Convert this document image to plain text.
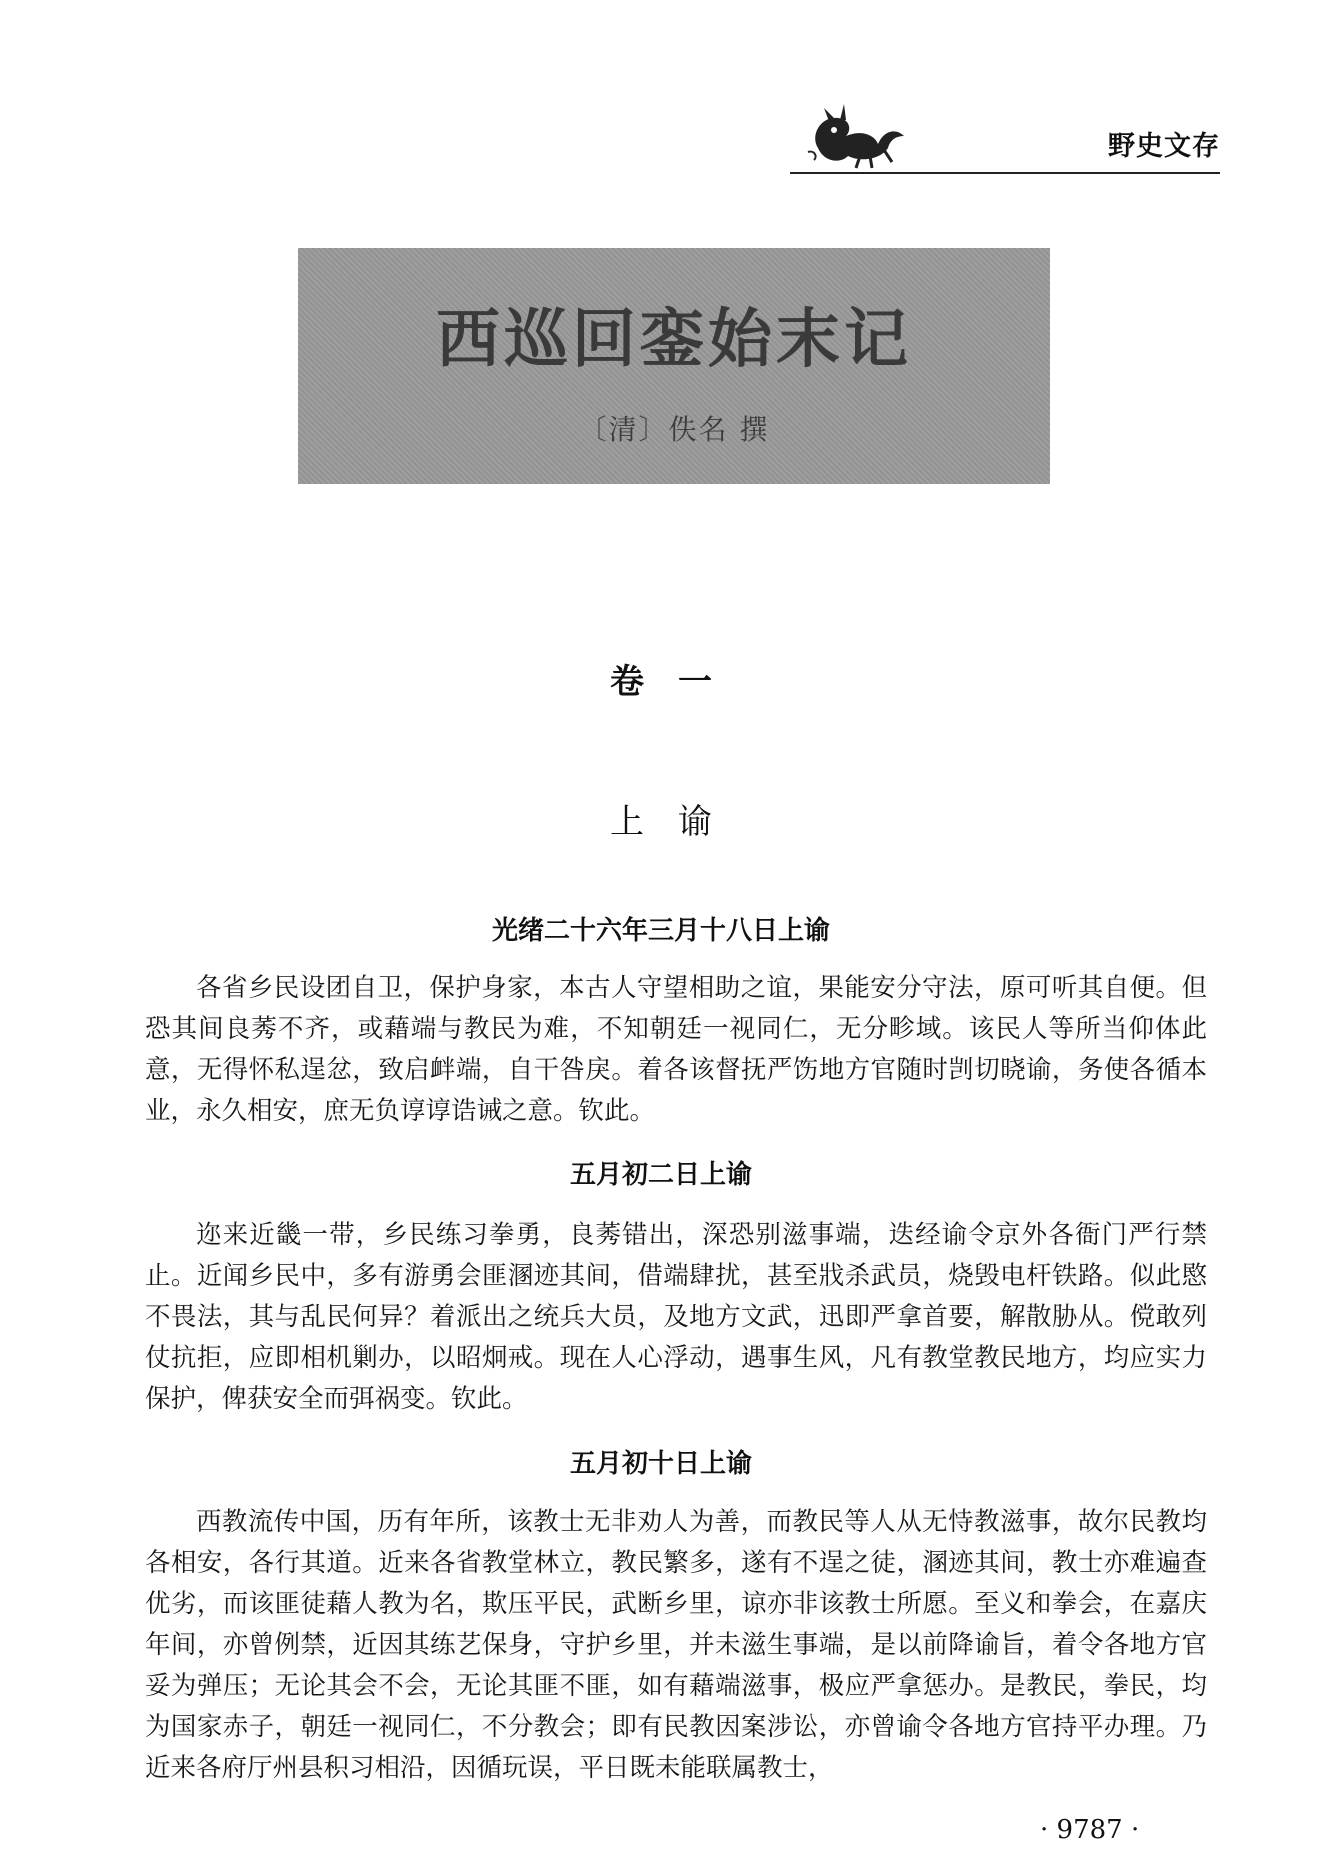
野史文存
西巡回銮始末记
〔清〕佚名 撰
卷　一
上　谕
光绪二十六年三月十八日上谕

各省乡民设团自卫，保护身家，本古人守望相助之谊，果能安分守法，原可听其自便。但恐其间良莠不齐，或藉端与教民为难，不知朝廷一视同仁，无分畛域。该民人等所当仰体此意，无得怀私逞忿，致启衅端，自干咎戾。着各该督抚严饬地方官随时剀切晓谕，务使各循本业，永久相安，庶无负谆谆诰诫之意。钦此。

五月初二日上谕

迩来近畿一带，乡民练习拳勇，良莠错出，深恐别滋事端，迭经谕令京外各衙门严行禁止。近闻乡民中，多有游勇会匪溷迹其间，借端肆扰，甚至戕杀武员，烧毁电杆铁路。似此愍不畏法，其与乱民何异？着派出之统兵大员，及地方文武，迅即严拿首要，解散胁从。傥敢列仗抗拒，应即相机剿办，以昭炯戒。现在人心浮动，遇事生风，凡有教堂教民地方，均应实力保护，俾获安全而弭祸变。钦此。

五月初十日上谕

西教流传中国，历有年所，该教士无非劝人为善，而教民等人从无恃教滋事，故尔民教均各相安，各行其道。近来各省教堂林立，教民繁多，遂有不逞之徒，溷迹其间，教士亦难遍查优劣，而该匪徒藉人教为名，欺压平民，武断乡里，谅亦非该教士所愿。至义和拳会，在嘉庆年间，亦曾例禁，近因其练艺保身，守护乡里，并未滋生事端，是以前降谕旨，着令各地方官妥为弹压；无论其会不会，无论其匪不匪，如有藉端滋事，极应严拿惩办。是教民，拳民，均为国家赤子，朝廷一视同仁，不分教会；即有民教因案涉讼，亦曾谕令各地方官持平办理。乃近来各府厅州县积习相沿，因循玩误，平日既未能联属教士，

· 9787 ·
